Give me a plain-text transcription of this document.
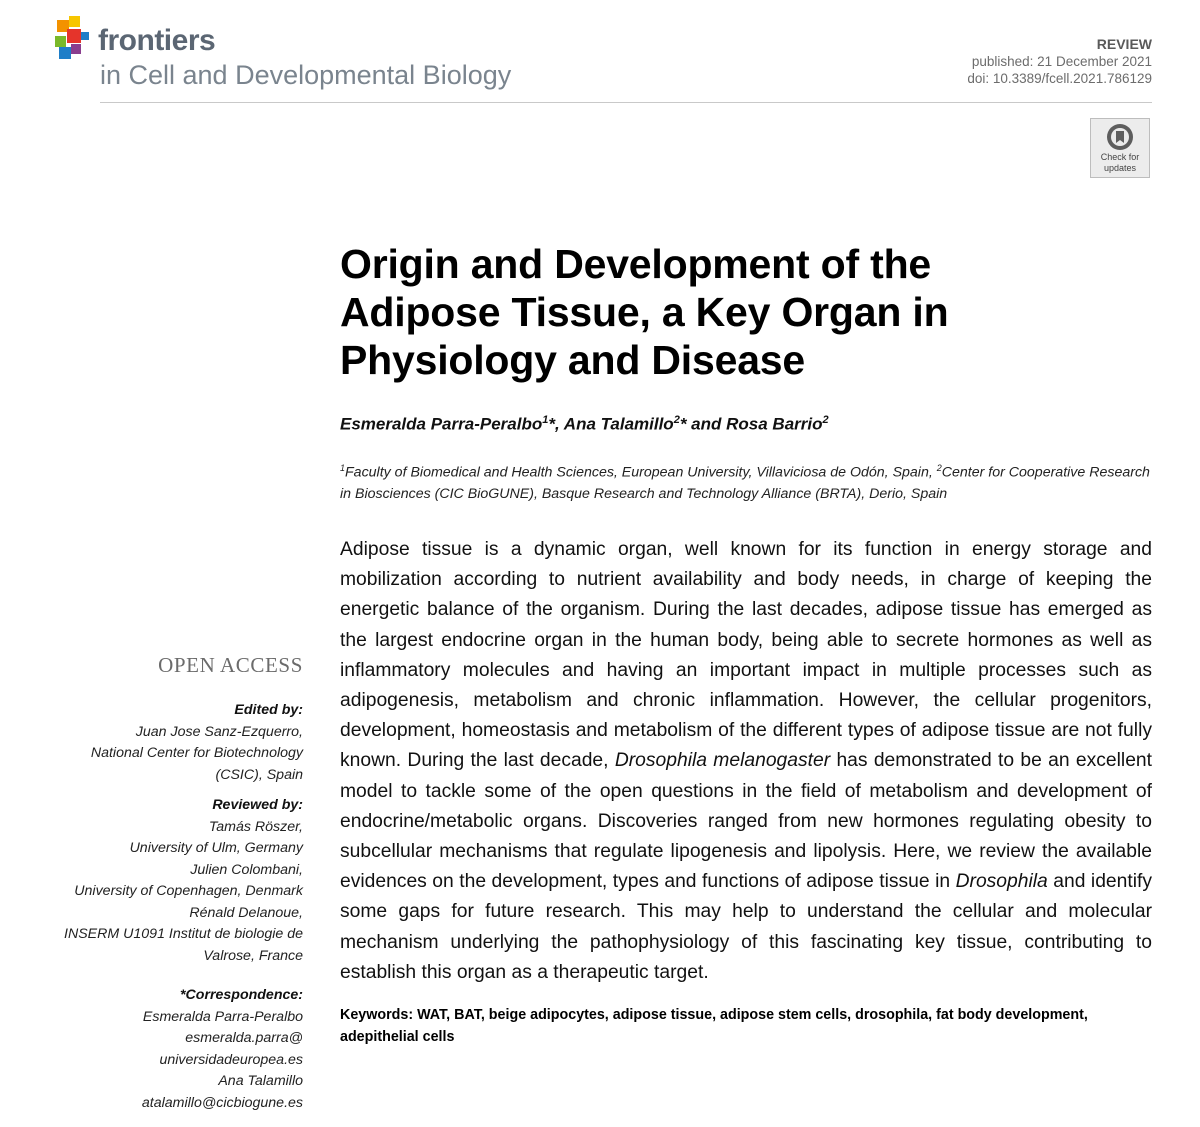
frontiers
in Cell and Developmental Biology
REVIEW
published: 21 December 2021
doi: 10.3389/fcell.2021.786129
Check for
updates
Origin and Development of the Adipose Tissue, a Key Organ in Physiology and Disease
Esmeralda Parra-Peralbo$^1$*, Ana Talamillo$^2$* and Rosa Barrio$^2$
$^1$Faculty of Biomedical and Health Sciences, European University, Villaviciosa de Odón, Spain, $^2$Center for Cooperative Research in Biosciences (CIC BioGUNE), Basque Research and Technology Alliance (BRTA), Derio, Spain
Adipose tissue is a dynamic organ, well known for its function in energy storage and mobilization according to nutrient availability and body needs, in charge of keeping the energetic balance of the organism. During the last decades, adipose tissue has emerged as the largest endocrine organ in the human body, being able to secrete hormones as well as inflammatory molecules and having an important impact in multiple processes such as adipogenesis, metabolism and chronic inflammation. However, the cellular progenitors, development, homeostasis and metabolism of the different types of adipose tissue are not fully known. During the last decade, Drosophila melanogaster has demonstrated to be an excellent model to tackle some of the open questions in the field of metabolism and development of endocrine/metabolic organs. Discoveries ranged from new hormones regulating obesity to subcellular mechanisms that regulate lipogenesis and lipolysis. Here, we review the available evidences on the development, types and functions of adipose tissue in Drosophila and identify some gaps for future research. This may help to understand the cellular and molecular mechanism underlying the pathophysiology of this fascinating key tissue, contributing to establish this organ as a therapeutic target.
Keywords: WAT, BAT, beige adipocytes, adipose tissue, adipose stem cells, drosophila, fat body development, adepithelial cells
OPEN ACCESS
Edited by:
Juan Jose Sanz-Ezquerro,
National Center for Biotechnology
(CSIC), Spain
Reviewed by:
Tamás Röszer,
University of Ulm, Germany
Julien Colombani,
University of Copenhagen, Denmark
Rénald Delanoue,
INSERM U1091 Institut de biologie de
Valrose, France
*Correspondence:
Esmeralda Parra-Peralbo
esmeralda.parra@
universidadeuropea.es
Ana Talamillo
atalamillo@cicbiogune.es
